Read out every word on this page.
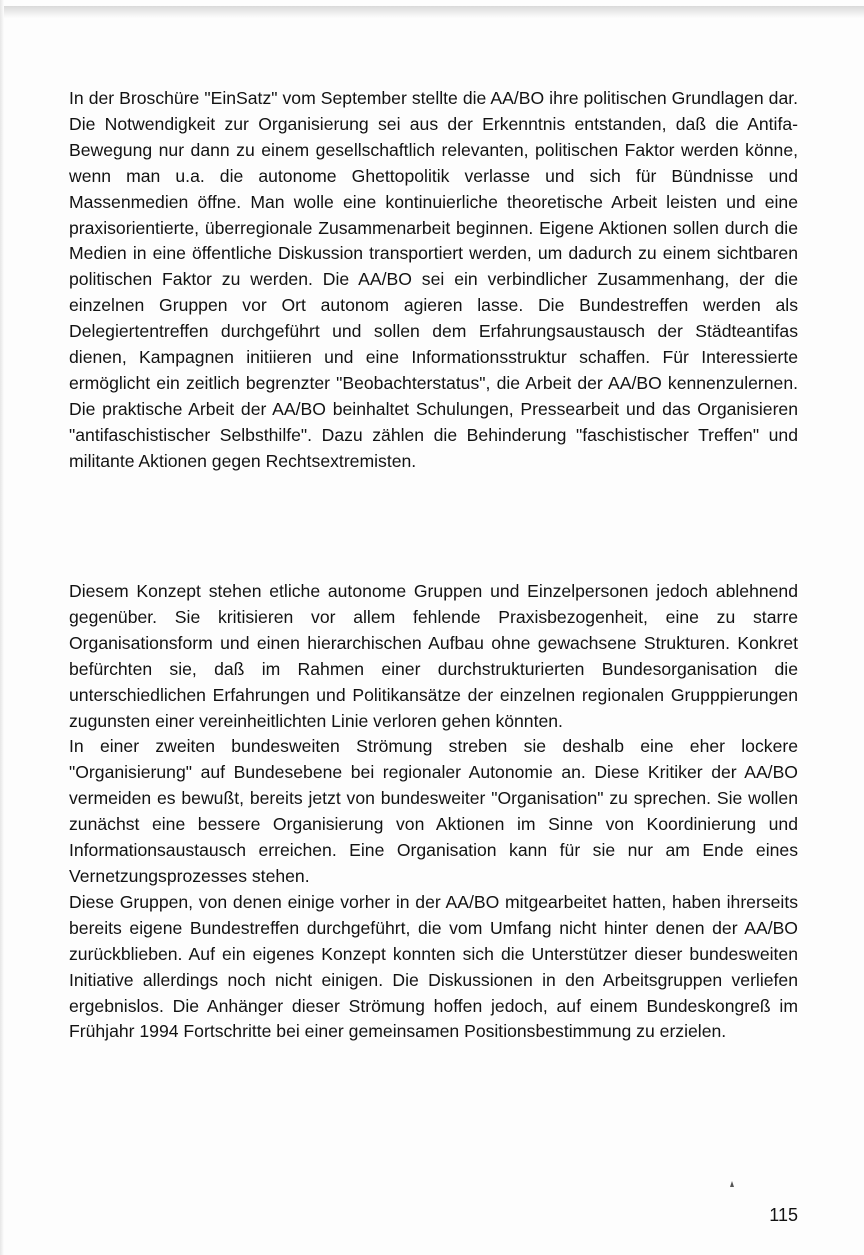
In der Broschüre "EinSatz" vom September stellte die AA/BO ihre politischen Grundlagen dar. Die Notwendigkeit zur Organisierung sei aus der Erkenntnis entstanden, daß die Antifa-Bewegung nur dann zu einem gesellschaftlich relevanten, politischen Faktor werden könne, wenn man u.a. die autonome Ghettopolitik verlasse und sich für Bündnisse und Massenmedien öffne. Man wolle eine kontinuierliche theoretische Arbeit leisten und eine praxisorientierte, überregionale Zusammenarbeit beginnen. Eigene Aktionen sollen durch die Medien in eine öffentliche Diskussion transportiert werden, um dadurch zu einem sichtbaren politischen Faktor zu werden. Die AA/BO sei ein verbindlicher Zusammenhang, der die einzelnen Gruppen vor Ort autonom agieren lasse. Die Bundestreffen werden als Delegiertentreffen durchgeführt und sollen dem Erfahrungsaustausch der Städteantifas dienen, Kampagnen initiieren und eine Informationsstruktur schaffen. Für Interessierte ermöglicht ein zeitlich begrenzter "Beobachterstatus", die Arbeit der AA/BO kennenzulernen. Die praktische Arbeit der AA/BO beinhaltet Schulungen, Pressearbeit und das Organisieren "antifaschistischer Selbsthilfe". Dazu zählen die Behinderung "faschistischer Treffen" und militante Aktionen gegen Rechtsextremisten.

Diesem Konzept stehen etliche autonome Gruppen und Einzelpersonen jedoch ablehnend gegenüber. Sie kritisieren vor allem fehlende Praxisbezogenheit, eine zu starre Organisationsform und einen hierarchischen Aufbau ohne gewachsene Strukturen. Konkret befürchten sie, daß im Rahmen einer durchstrukturierten Bundesorganisation die unterschiedlichen Erfahrungen und Politikansätze der einzelnen regionalen Grupppierungen zugunsten einer vereinheitlichten Linie verloren gehen könnten.

In einer zweiten bundesweiten Strömung streben sie deshalb eine eher lockere "Organisierung" auf Bundesebene bei regionaler Autonomie an. Diese Kritiker der AA/BO vermeiden es bewußt, bereits jetzt von bundesweiter "Organisation" zu sprechen. Sie wollen zunächst eine bessere Organisierung von Aktionen im Sinne von Koordinierung und Informationsaustausch erreichen. Eine Organisation kann für sie nur am Ende eines Vernetzungsprozesses stehen.

Diese Gruppen, von denen einige vorher in der AA/BO mitgearbeitet hatten, haben ihrerseits bereits eigene Bundestreffen durchgeführt, die vom Umfang nicht hinter denen der AA/BO zurückblieben. Auf ein eigenes Konzept konnten sich die Unterstützer dieser bundesweiten Initiative allerdings noch nicht einigen. Die Diskussionen in den Arbeitsgruppen verliefen ergebnislos. Die Anhänger dieser Strömung hoffen jedoch, auf einem Bundeskongreß im Frühjahr 1994 Fortschritte bei einer gemeinsamen Positionsbestimmung zu erzielen.

115
